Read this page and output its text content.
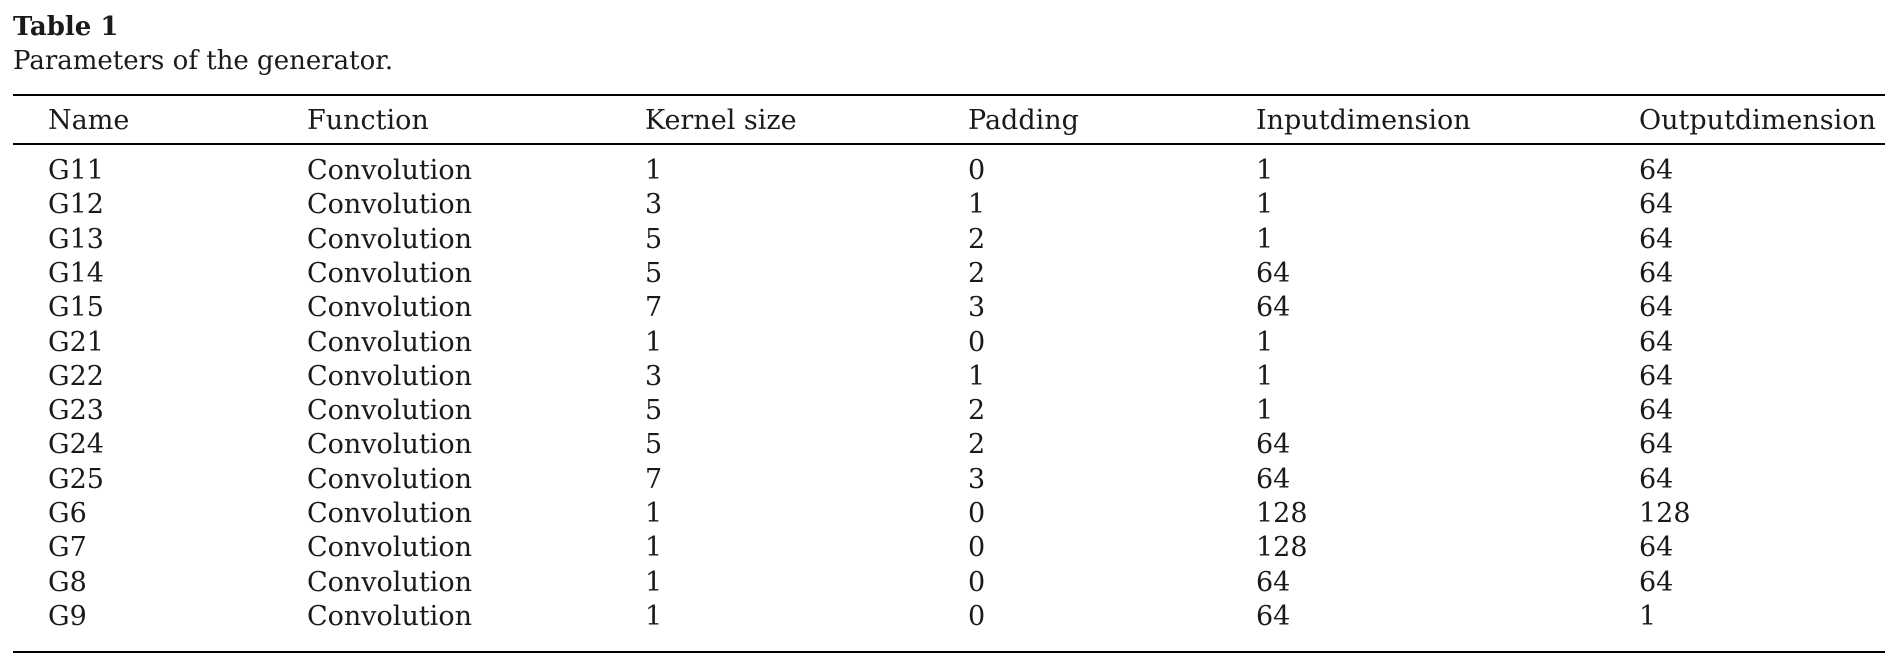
Table 1
Parameters of the generator.
Name	Function	Kernel size	Padding	Inputdimension	Outputdimension
G11	Convolution	1	0	1	64
G12	Convolution	3	1	1	64
G13	Convolution	5	2	1	64
G14	Convolution	5	2	64	64
G15	Convolution	7	3	64	64
G21	Convolution	1	0	1	64
G22	Convolution	3	1	1	64
G23	Convolution	5	2	1	64
G24	Convolution	5	2	64	64
G25	Convolution	7	3	64	64
G6	Convolution	1	0	128	128
G7	Convolution	1	0	128	64
G8	Convolution	1	0	64	64
G9	Convolution	1	0	64	1
